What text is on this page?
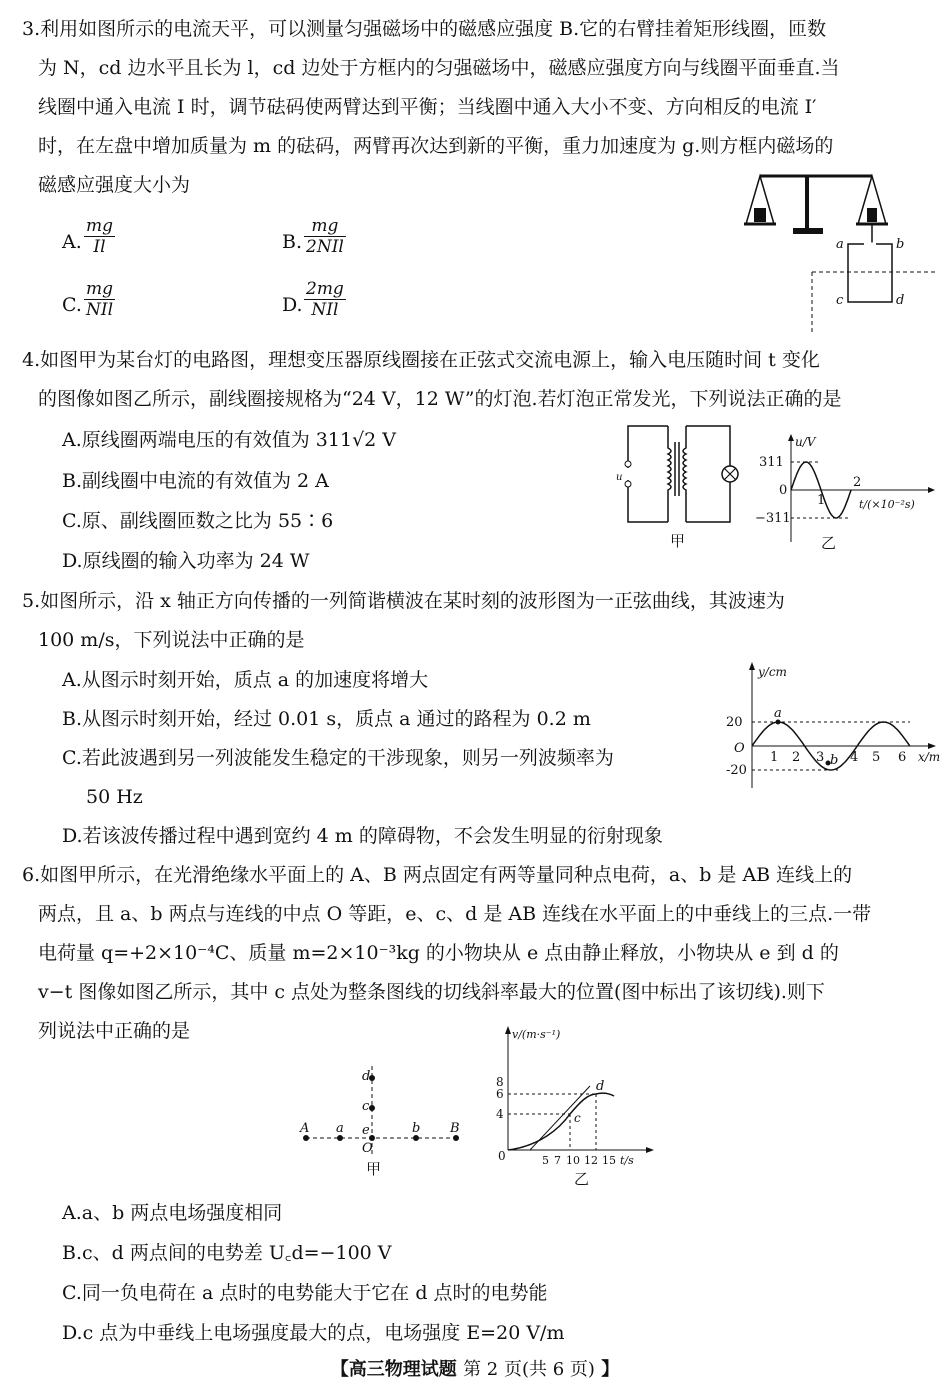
3.利用如图所示的电流天平，可以测量匀强磁场中的磁感应强度 B.它的右臂挂着矩形线圈，匝数
为 N，cd 边水平且长为 l，cd 边处于方框内的匀强磁场中，磁感应强度方向与线圈平面垂直.当
线圈中通入电流 I 时，调节砝码使两臂达到平衡；当线圈中通入大小不变、方向相反的电流 I′
时，在左盘中增加质量为 m 的砝码，两臂再次达到新的平衡，重力加速度为 g.则方框内磁场的
磁感应强度大小为
A. $\frac{mg}{Il}$	B.
mg
2NIl
C.
mg
NIl	D.
2mg
NIl
a	b
c	d
4.如图甲为某台灯的电路图，理想变压器原线圈接在正弦式交流电源上，输入电压随时间 t 变化
的图像如图乙所示，副线圈接规格为“24 V，12 W”的灯泡.若灯泡正常发光，下列说法正确的是
A.原线圈两端电压的有效值为 311√2 V
B.副线圈中电流的有效值为 2 A
C.原、副线圈匝数之比为 55∶6
D.原线圈的输入功率为 24 W
u
甲
u/V
311
0
−311
1
2
t/(×10⁻²s)
乙
5.如图所示，沿 x 轴正方向传播的一列简谐横波在某时刻的波形图为一正弦曲线，其波速为
100 m/s，下列说法中正确的是
A.从图示时刻开始，质点 a 的加速度将增大
B.从图示时刻开始，经过 0.01 s，质点 a 通过的路程为 0.2 m
C.若此波遇到另一列波能发生稳定的干涉现象，则另一列波频率为
50 Hz
D.若该波传播过程中遇到宽约 4 m 的障碍物，不会发生明显的衍射现象
y/cm
20
O
-20
a
b
1 2 3 4 5 6 x/m
6.如图甲所示，在光滑绝缘水平面上的 A、B 两点固定有两等量同种点电荷，a、b 是 AB 连线上的
两点，且 a、b 两点与连线的中点 O 等距，e、c、d 是 AB 连线在水平面上的中垂线上的三点.一带
电荷量 q=+2×10⁻⁴C、质量 m=2×10⁻³kg 的小物块从 e 点由静止释放，小物块从 e 到 d 的
v−t 图像如图乙所示，其中 c 点处为整条图线的切线斜率最大的位置(图中标出了该切线).则下
列说法中正确的是
A a e	b B
O
c
d
甲
v/(m·s⁻¹)
8
6
4
0
c
d
5 7 10 12 15 t/s
乙
A.a、b 两点电场强度相同
B.c、d 两点间的电势差 U꜀d=−100 V
C.同一负电荷在 a 点时的电势能大于它在 d 点时的电势能
D.c 点为中垂线上电场强度最大的点，电场强度 E=20 V/m
【高三物理试题 第 2 页(共 6 页) 】
